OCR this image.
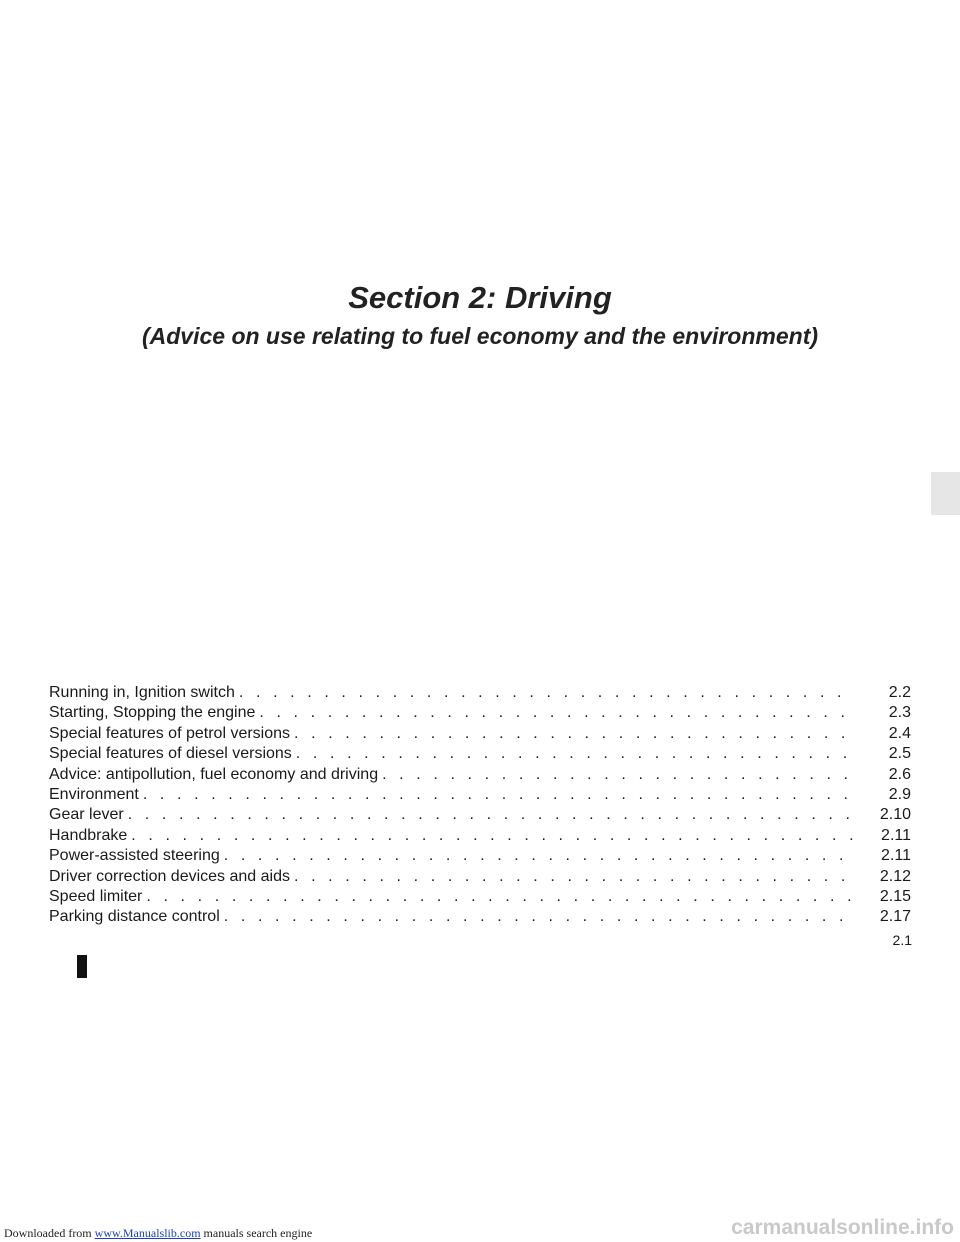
Section 2: Driving
(Advice on use relating to fuel economy and the environment)
Running in, Ignition switch . . .	2.2
Starting, Stopping the engine . . .	2.3
Special features of petrol versions . . .	2.4
Special features of diesel versions . . .	2.5
Advice: antipollution, fuel economy and driving . . .	2.6
Environment . . .	2.9
Gear lever . . .	2.10
Handbrake . . .	2.11
Power-assisted steering . . .	2.11
Driver correction devices and aids . . .	2.12
Speed limiter . . .	2.15
Parking distance control . . .	2.17
2.1
Downloaded from www.Manualslib.com manuals search engine	carmanualsonline.info
